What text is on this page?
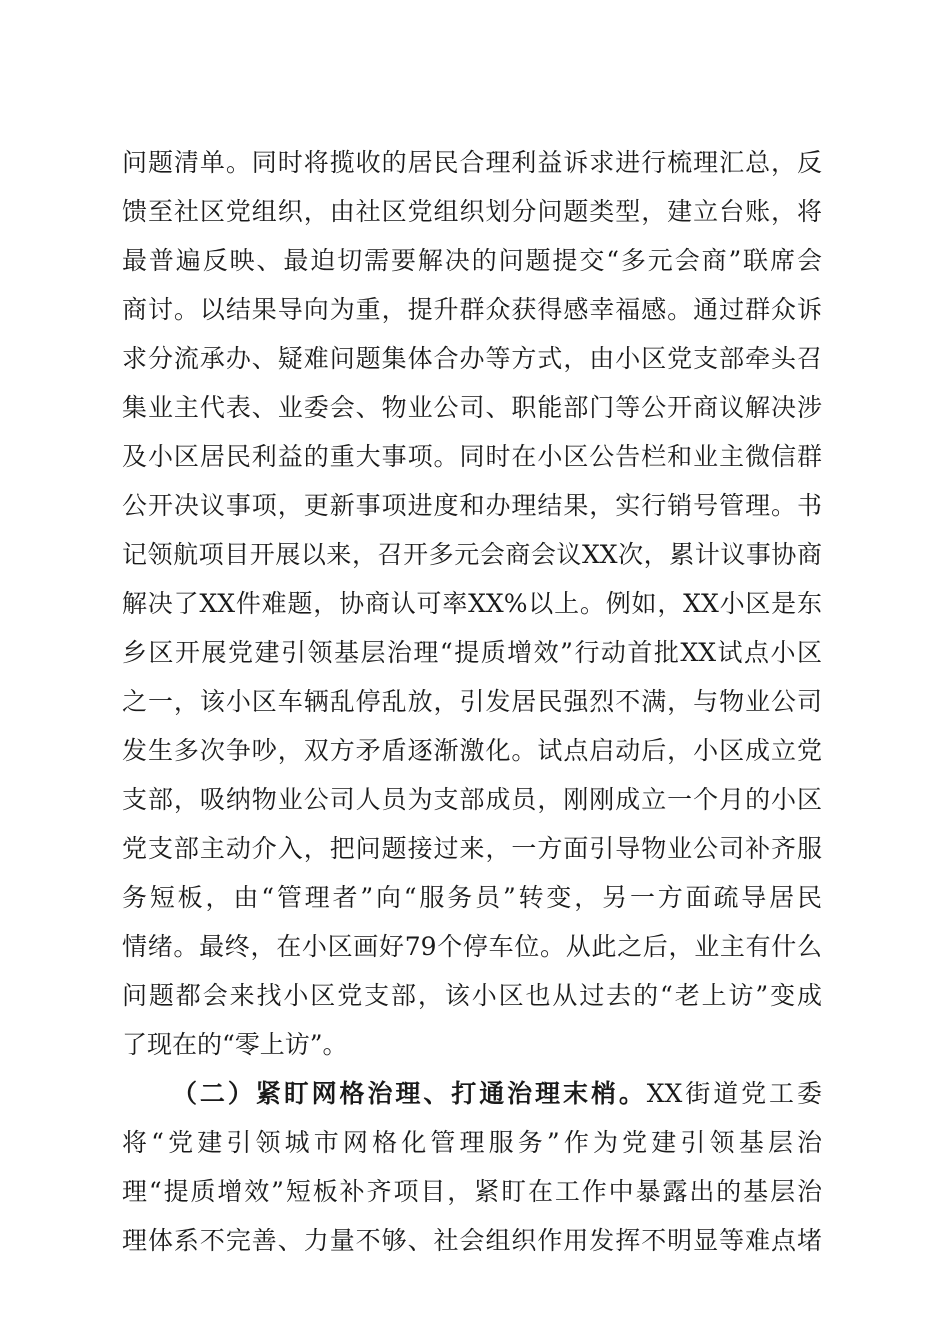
问题清单。同时将揽收的居民合理利益诉求进行梳理汇总，反
馈至社区党组织，由社区党组织划分问题类型，建立台账，将
最普遍反映、最迫切需要解决的问题提交“多元会商”联席会
商讨。以结果导向为重，提升群众获得感幸福感。通过群众诉
求分流承办、疑难问题集体合办等方式，由小区党支部牵头召
集业主代表、业委会、物业公司、职能部门等公开商议解决涉
及小区居民利益的重大事项。同时在小区公告栏和业主微信群
公开决议事项，更新事项进度和办理结果，实行销号管理。书
记领航项目开展以来，召开多元会商会议XX次，累计议事协商
解决了XX件难题，协商认可率XX%以上。例如，XX小区是东
乡区开展党建引领基层治理“提质增效”行动首批XX试点小区
之一，该小区车辆乱停乱放，引发居民强烈不满，与物业公司
发生多次争吵，双方矛盾逐渐激化。试点启动后，小区成立党
支部，吸纳物业公司人员为支部成员，刚刚成立一个月的小区
党支部主动介入，把问题接过来，一方面引导物业公司补齐服
务短板，由“管理者”向“服务员”转变，另一方面疏导居民
情绪。最终，在小区画好79个停车位。从此之后，业主有什么
问题都会来找小区党支部，该小区也从过去的“老上访”变成
了现在的“零上访”。
（二）紧盯网格治理、打通治理末梢。XX街道党工委
将“党建引领城市网格化管理服务”作为党建引领基层治
理“提质增效”短板补齐项目，紧盯在工作中暴露出的基层治
理体系不完善、力量不够、社会组织作用发挥不明显等难点堵
